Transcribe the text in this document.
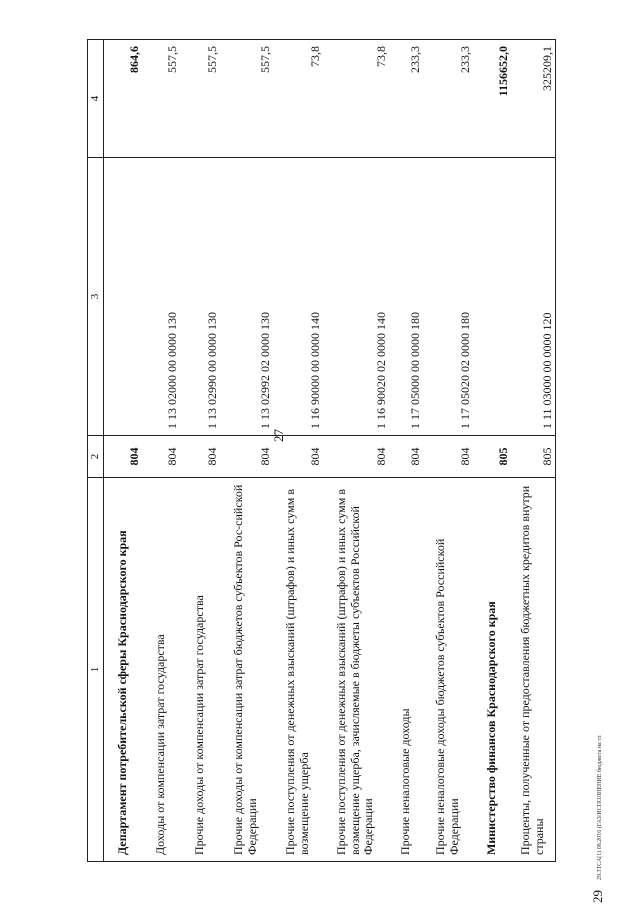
27
29
29.3ТСА(1) 08.2016 (ГАЗ/ИСПОЛНЕНИЕ бюджета на тл
1	2	3	4
Департамент потребительской сферы Краснодарского края	804		864,6
Доходы от компенсации затрат государства	804	1 13 02000 00 0000 130	557,5
Прочие доходы от компенсации затрат государства	804	1 13 02990 00 0000 130	557,5
Прочие доходы от компенсации затрат бюджетов субъектов Рос-сийской Федерации	804	1 13 02992 02 0000 130	557,5
Прочие поступления от денежных взысканий (штрафов) и иных сумм в возмещение ущерба	804	1 16 90000 00 0000 140	73,8
Прочие поступления от денежных взысканий (штрафов) и иных сумм в возмещение ущерба, зачисляемые в бюджеты субъектов Российской Федерации	804	1 16 90020 02 0000 140	73,8
Прочие неналоговые доходы	804	1 17 05000 00 0000 180	233,3
Прочие неналоговые доходы бюджетов субъектов Российской Федерации	804	1 17 05020 02 0000 180	233,3
Министерство финансов Краснодарского края	805		1156652,0
Проценты, полученные от предоставления бюджетных кредитов внутри страны	805	1 11 03000 00 0000 120	325209,1
